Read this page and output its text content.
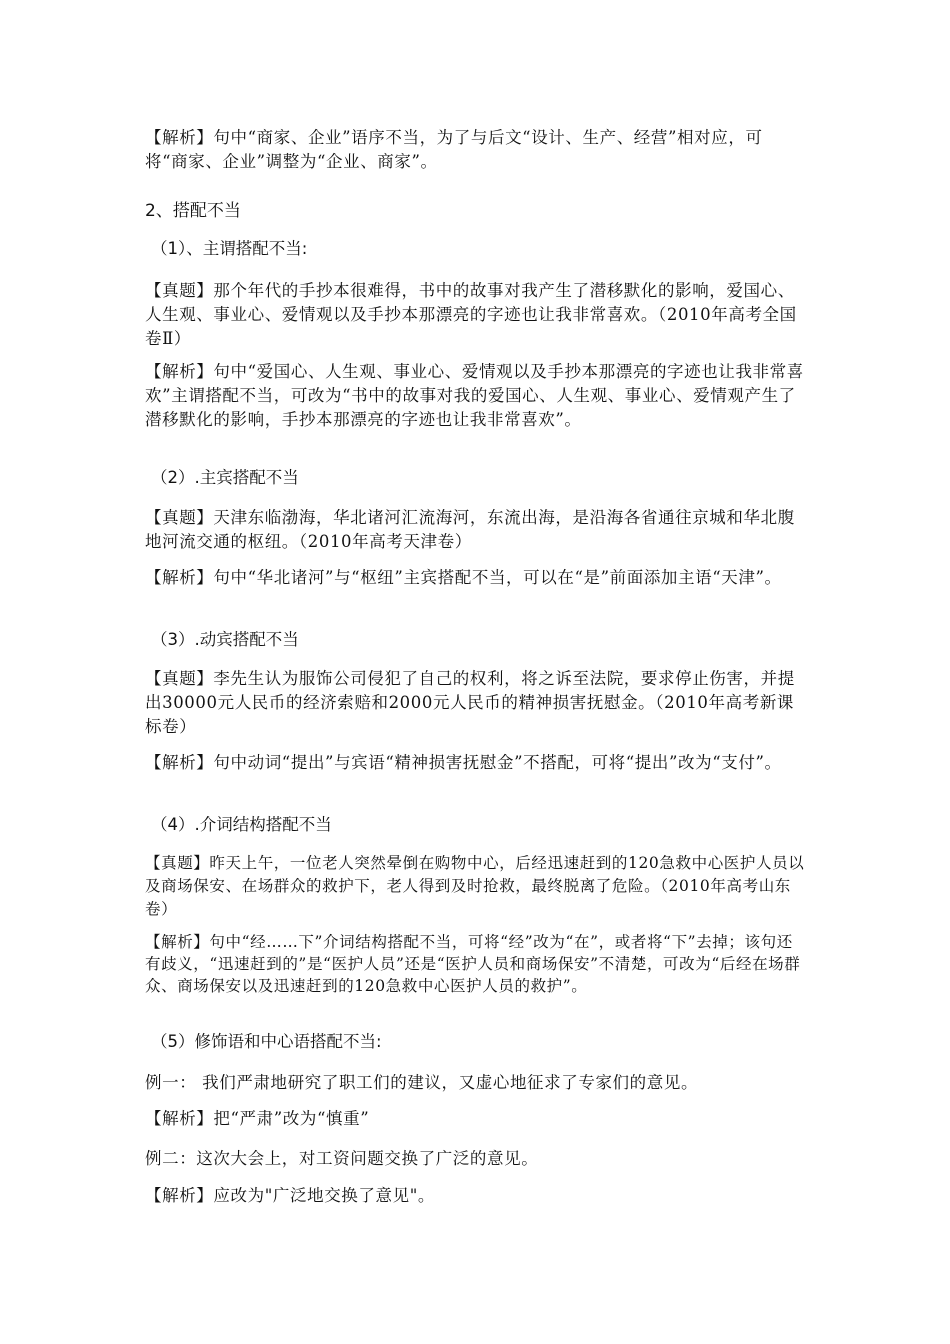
【解析】句中“商家、企业”语序不当，为了与后文“设计、生产、经营”相对应，可将“商家、企业”调整为“企业、商家”。
2、搭配不当
（1）、主谓搭配不当:
【真题】那个年代的手抄本很难得，书中的故事对我产生了潜移默化的影响，爱国心、人生观、事业心、爱情观以及手抄本那漂亮的字迹也让我非常喜欢。（2010年高考全国卷Ⅱ）
【解析】句中“爱国心、人生观、事业心、爱情观以及手抄本那漂亮的字迹也让我非常喜欢”主谓搭配不当，可改为“书中的故事对我的爱国心、人生观、事业心、爱情观产生了潜移默化的影响，手抄本那漂亮的字迹也让我非常喜欢”。
（2）.主宾搭配不当
【真题】天津东临渤海，华北诸河汇流海河，东流出海，是沿海各省通往京城和华北腹地河流交通的枢纽。（2010年高考天津卷）
【解析】句中“华北诸河”与“枢纽”主宾搭配不当，可以在“是”前面添加主语“天津”。
（3）.动宾搭配不当
【真题】李先生认为服饰公司侵犯了自己的权利，将之诉至法院，要求停止伤害，并提出30000元人民币的经济索赔和2000元人民币的精神损害抚慰金。（2010年高考新课标卷）
【解析】句中动词“提出”与宾语“精神损害抚慰金”不搭配，可将“提出”改为“支付”。
（4）.介词结构搭配不当
【真题】昨天上午，一位老人突然晕倒在购物中心，后经迅速赶到的120急救中心医护人员以及商场保安、在场群众的救护下，老人得到及时抢救，最终脱离了危险。（2010年高考山东卷）
【解析】句中“经……下”介词结构搭配不当，可将“经”改为“在”，或者将“下”去掉；该句还有歧义，“迅速赶到的”是“医护人员”还是“医护人员和商场保安”不清楚，可改为“后经在场群众、商场保安以及迅速赶到的120急救中心医护人员的救护”。
（5）修饰语和中心语搭配不当:
例一： 我们严肃地研究了职工们的建议，又虚心地征求了专家们的意见。
【解析】把“严肃”改为“慎重”
例二：这次大会上，对工资问题交换了广泛的意见。
【解析】应改为"广泛地交换了意见"。
